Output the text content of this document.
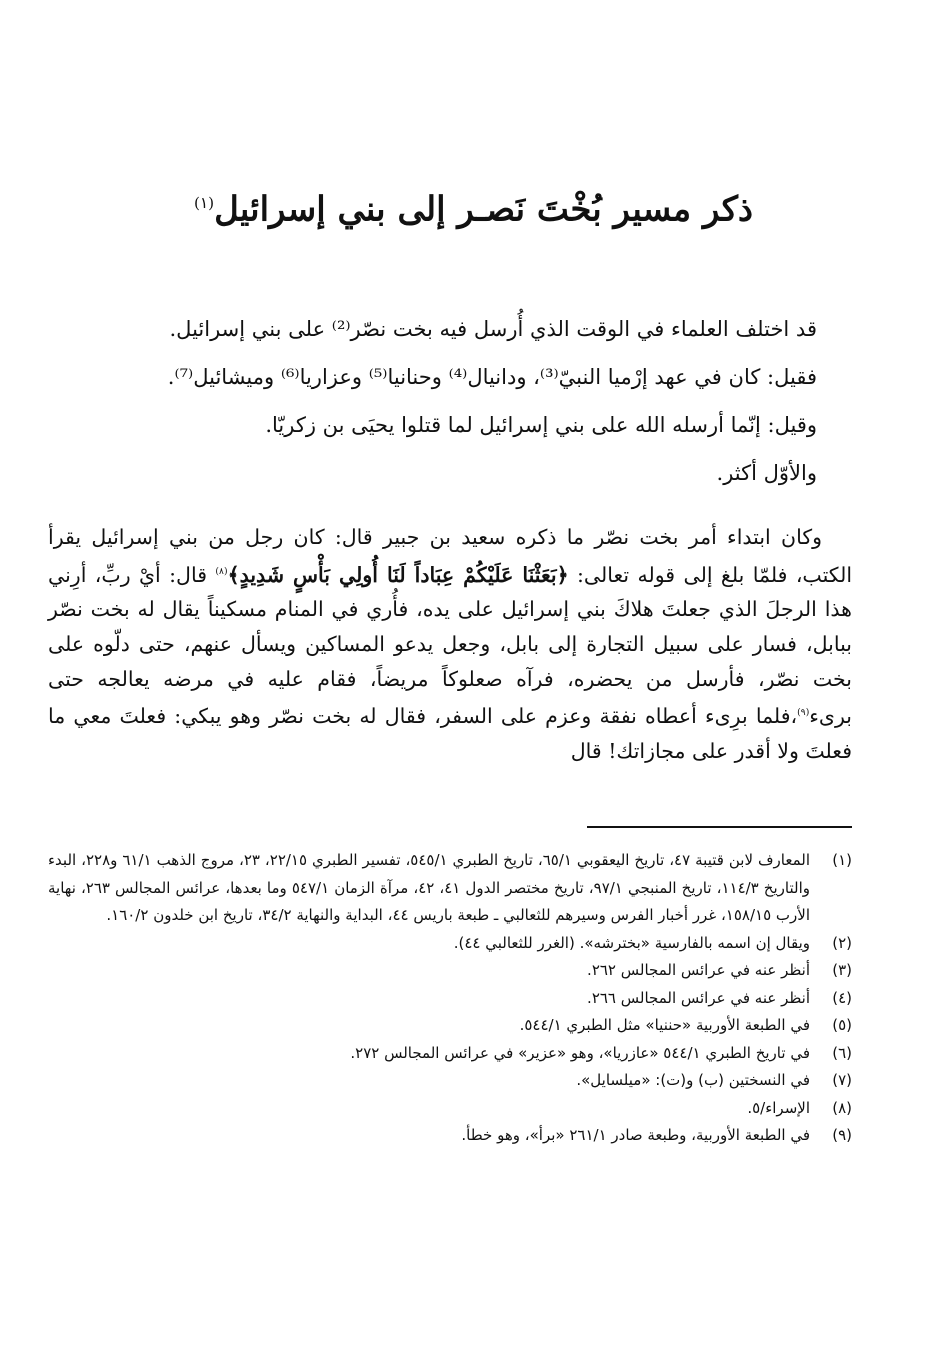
ذكر مسير بُخْتَ نَصـر إلى بني إسرائيل$^{(١)}$

قد اختلف العلماء في الوقت الذي أُرسل فيه بخت نصّر⁽²⁾ على بني إسرائيل.

فقيل: كان في عهد إرْميا النبيّ⁽³⁾، ودانيال⁽⁴⁾ وحنانيا⁽⁵⁾ وعزاريا⁽⁶⁾ وميشائيل⁽⁷⁾.

وقيل: إنّما أرسله الله على بني إسرائيل لما قتلوا يحيَى بن زكريّا.

والأوّل أكثر.

وكان ابتداء أمر بخت نصّر ما ذكره سعيد بن جبير قال: كان رجل من بني إسرائيل يقرأ الكتب، فلمّا بلغ إلى قوله تعالى: ﴿بَعَثْنَا عَلَيْكُمْ عِبَاداً لَنَا أُولِي بَأْسٍ شَدِيدٍ﴾$^{(٨)}$ قال: أيْ ربِّ، أرِني هذا الرجلَ الذي جعلتَ هلاكَ بني إسرائيل على يده، فأُري في المنام مسكيناً يقال له بخت نصّر ببابل، فسار على سبيل التجارة إلى بابل، وجعل يدعو المساكين ويسأل عنهم، حتى دلّوه على بخت نصّر، فأرسل من يحضره، فرآه صعلوكاً مريضاً، فقام عليه في مرضه يعالجه حتى برىء$^{(٩)}$،فلما برِىء أعطاه نفقة وعزم على السفر، فقال له بخت نصّر وهو يبكي: فعلتَ معي ما فعلتَ ولا أقدر على مجازاتك! قال

(١)
المعارف لابن قتيبة ٤٧، تاريخ اليعقوبي ٦٥/١، تاريخ الطبري ٥٤٥/١، تفسير الطبري ٢٢/١٥، ٢٣، مروج الذهب ٦١/١ و٢٢٨، البدء والتاريخ ١١٤/٣، تاريخ المنبجي ٩٧/١، تاريخ مختصر الدول ٤١، ٤٢، مرآة الزمان ٥٤٧/١ وما بعدها، عرائس المجالس ٢٦٣، نهاية الأرب ١٥٨/١٥، غرر أخبار الفرس وسيرهم للثعالبي ـ طبعة باريس ٤٤، البداية والنهاية ٣٤/٢، تاريخ ابن خلدون ١٦٠/٢.
(٢)
ويقال إن اسمه بالفارسية «بخترشه». (الغرر للثعالبي ٤٤).
(٣)
أنظر عنه في عرائس المجالس ٢٦٢.
(٤)
أنظر عنه في عرائس المجالس ٢٦٦.
(٥)
في الطبعة الأوربية «حننيا» مثل الطبري ٥٤٤/١.
(٦)
في تاريخ الطبري ٥٤٤/١ «عازريا»، وهو «عزير» في عرائس المجالس ٢٧٢.
(٧)
في النسختين (ب) و(ت): «ميلسايل».
(٨)
الإسراء/٥.
(٩)
في الطبعة الأوربية، وطبعة صادر ٢٦١/١ «برأ»، وهو خطأ.
